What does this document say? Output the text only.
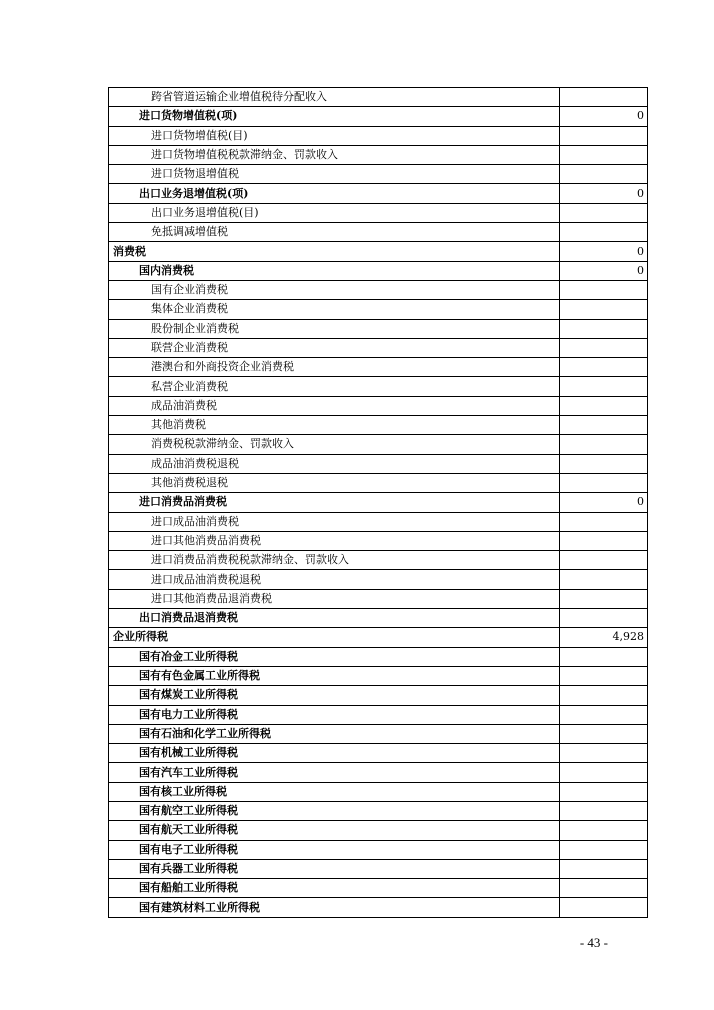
跨省管道运输企业增值税待分配收入	
进口货物增值税(项)	0
进口货物增值税(目)	
进口货物增值税税款滞纳金、罚款收入	
进口货物退增值税	
出口业务退增值税(项)	0
出口业务退增值税(目)	
免抵调减增值税	
消费税	0
国内消费税	0
国有企业消费税	
集体企业消费税	
股份制企业消费税	
联营企业消费税	
港澳台和外商投资企业消费税	
私营企业消费税	
成品油消费税	
其他消费税	
消费税税款滞纳金、罚款收入	
成品油消费税退税	
其他消费税退税	
进口消费品消费税	0
进口成品油消费税	
进口其他消费品消费税	
进口消费品消费税税款滞纳金、罚款收入	
进口成品油消费税退税	
进口其他消费品退消费税	
出口消费品退消费税	
企业所得税	4,928
国有冶金工业所得税	
国有有色金属工业所得税	
国有煤炭工业所得税	
国有电力工业所得税	
国有石油和化学工业所得税	
国有机械工业所得税	
国有汽车工业所得税	
国有核工业所得税	
国有航空工业所得税	
国有航天工业所得税	
国有电子工业所得税	
国有兵器工业所得税	
国有船舶工业所得税	
国有建筑材料工业所得税	
- 43 -
